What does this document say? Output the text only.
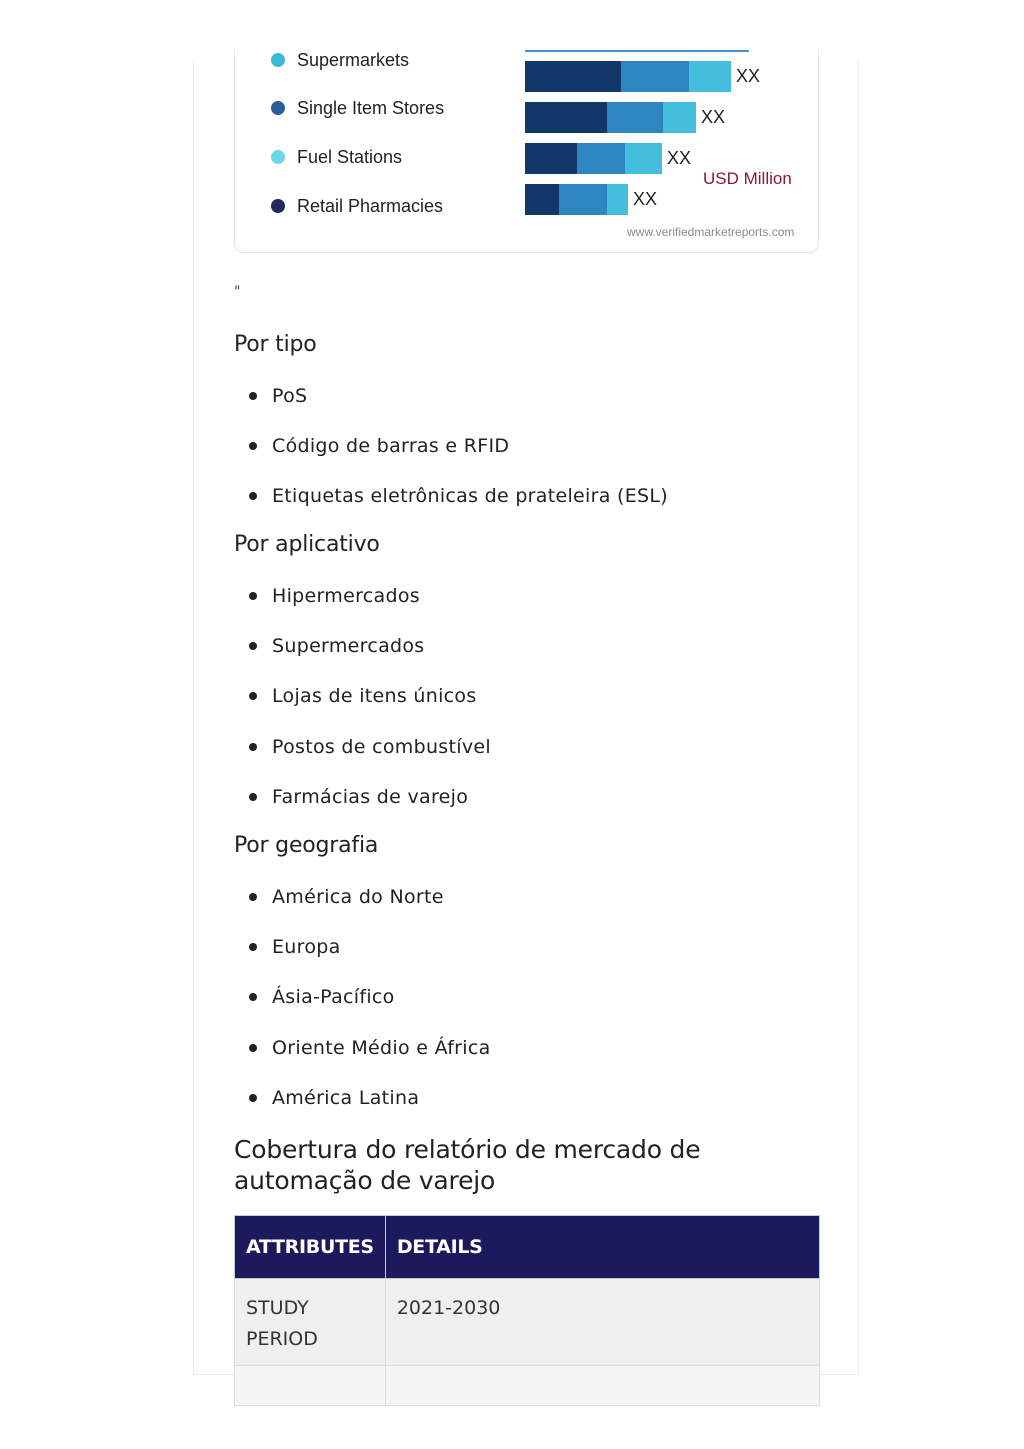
Supermarkets
Single Item Stores
Fuel Stations
Retail Pharmacies
XX
XX
XX
XX
USD Million
www.verifiedmarketreports.com
"
Por tipo
PoS
Código de barras e RFID
Etiquetas eletrônicas de prateleira (ESL)
Por aplicativo
Hipermercados
Supermercados
Lojas de itens únicos
Postos de combustível
Farmácias de varejo
Por geografia
América do Norte
Europa
Ásia-Pacífico
Oriente Médio e África
América Latina
Cobertura do relatório de mercado de automação de varejo
ATTRIBUTES	DETAILS
STUDY PERIOD	2021-2030
